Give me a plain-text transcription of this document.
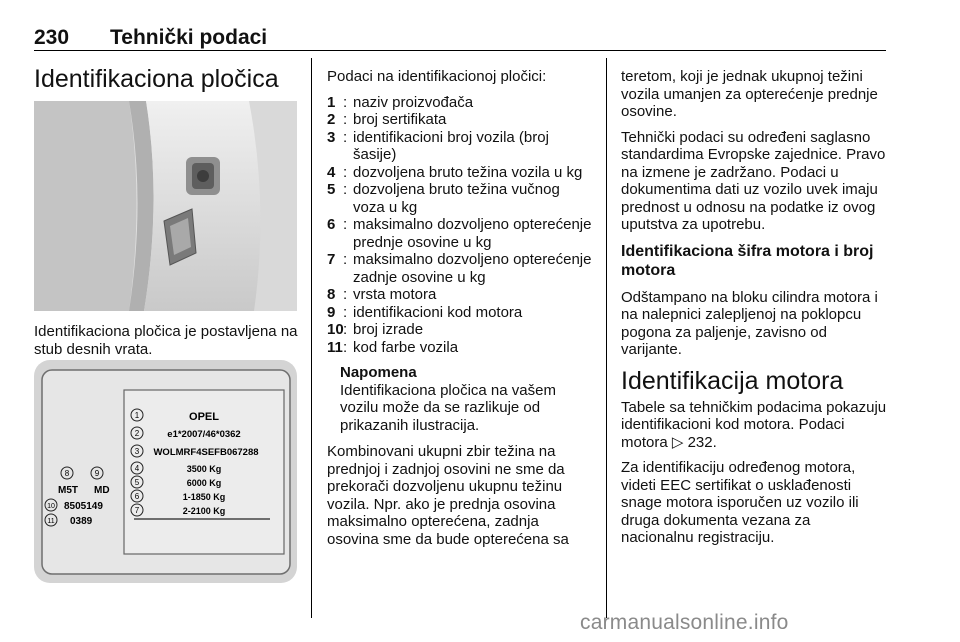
230 Tehnički podaci
Identifikaciona pločica
Identifikaciona pločica je postavljena na stub desnih vrata.
8	9
M5T MD
10 8505149
11 0389
1	OPEL
2	e1*2007/46*0362
3 WOLMRF4SEFB067288
4	3500 Kg
5	6000 Kg
6	1-1850 Kg
7	2-2100 Kg

Podaci na identifikacionoj pločici:

1 : naziv proizvođača
2 : broj sertifikata
3 : identifikacioni broj vozila (broj šasije)
4 : dozvoljena bruto težina vozila u kg
5 : dozvoljena bruto težina vučnog voza u kg
6 : maksimalno dozvoljeno opterećenje prednje osovine u kg
7 : maksimalno dozvoljeno opterećenje zadnje osovine u kg
8 : vrsta motora
9 : identifikacioni kod motora
10 : broj izrade
11 : kod farbe vozila
Napomena
Identifikaciona pločica na vašem vozilu može da se razlikuje od prikazanih ilustracija.

Kombinovani ukupni zbir težina na prednjoj i zadnjoj osovini ne sme da prekorači dozvoljenu ukupnu težinu vozila. Npr. ako je prednja osovina maksimalno opterećena, zadnja osovina sme da bude opterećena sa

teretom, koji je jednak ukupnoj težini vozila umanjen za opterećenje prednje osovine.

Tehnički podaci su određeni saglasno standardima Evropske zajednice. Pravo na izmene je zadržano. Podaci u dokumentima dati uz vozilo uvek imaju prednost u odnosu na podatke iz ovog uputstva za upotrebu.

Identifikaciona šifra motora i broj motora

Odštampano na bloku cilindra motora i na nalepnici zalepljenoj na poklopcu pogona za paljenje, zavisno od varijante.

Identifikacija motora

Tabele sa tehničkim podacima pokazuju identifikacioni kod motora. Podaci motora ▷ 232.

Za identifikaciju određenog motora, videti EEC sertifikat o usklađenosti snage motora isporučen uz vozilo ili druga dokumenta vezana za nacionalnu registraciju.

carmanualsonline.info
